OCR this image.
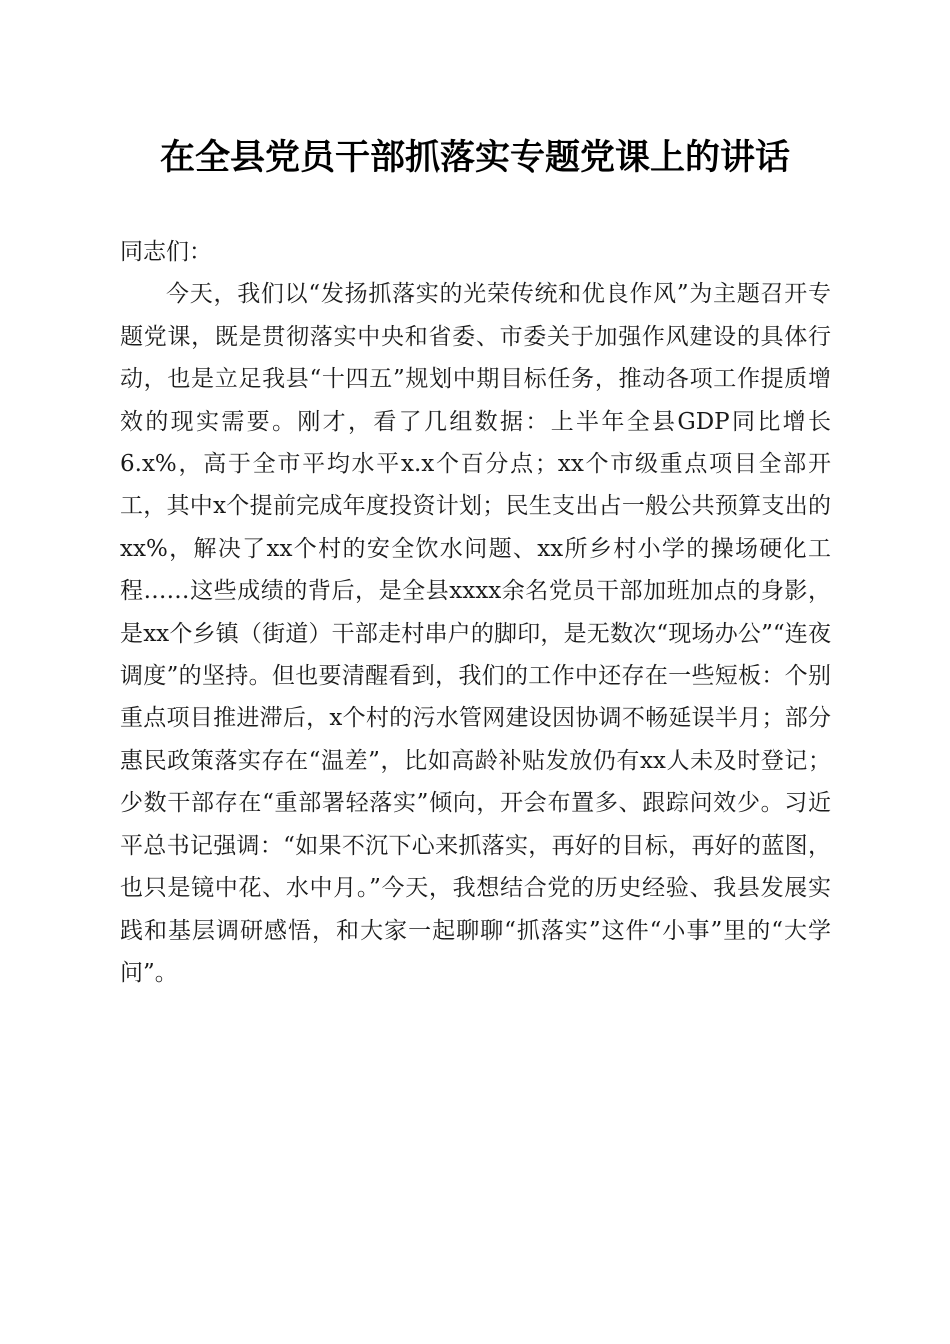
在全县党员干部抓落实专题党课上的讲话

同志们：

今天，我们以“发扬抓落实的光荣传统和优良作风”为主题召开专题党课，既是贯彻落实中央和省委、市委关于加强作风建设的具体行动，也是立足我县“十四五”规划中期目标任务，推动各项工作提质增效的现实需要。刚才，看了几组数据：上半年全县GDP同比增长6.x%，高于全市平均水平x.x个百分点；xx个市级重点项目全部开工，其中x个提前完成年度投资计划；民生支出占一般公共预算支出的xx%，解决了xx个村的安全饮水问题、xx所乡村小学的操场硬化工程……这些成绩的背后，是全县xxxx余名党员干部加班加点的身影，是xx个乡镇（街道）干部走村串户的脚印，是无数次“现场办公”“连夜调度”的坚持。但也要清醒看到，我们的工作中还存在一些短板：个别重点项目推进滞后，x个村的污水管网建设因协调不畅延误半月；部分惠民政策落实存在“温差”，比如高龄补贴发放仍有xx人未及时登记；少数干部存在“重部署轻落实”倾向，开会布置多、跟踪问效少。习近平总书记强调：“如果不沉下心来抓落实，再好的目标，再好的蓝图，也只是镜中花、水中月。”今天，我想结合党的历史经验、我县发展实践和基层调研感悟，和大家一起聊聊“抓落实”这件“小事”里的“大学问”。
